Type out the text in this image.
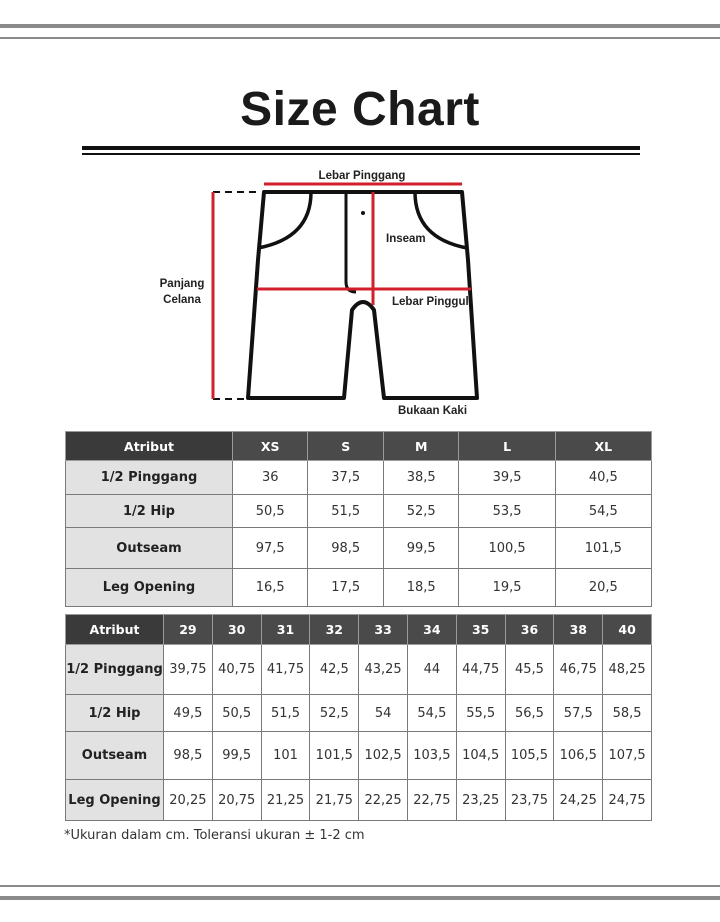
Size Chart
Lebar Pinggang
Panjang
Celana
Inseam
Lebar Pinggul
Bukaan Kaki
Atribut	XS	S	M	L	XL
1/2 Pinggang	36	37,5	38,5	39,5	40,5
1/2 Hip	50,5	51,5	52,5	53,5	54,5
Outseam	97,5	98,5	99,5	100,5	101,5
Leg Opening	16,5	17,5	18,5	19,5	20,5
Atribut	29	30	31	32	33	34	35	36	38	40
1/2 Pinggang	39,75	40,75	41,75	42,5	43,25	44	44,75	45,5	46,75	48,25
1/2 Hip	49,5	50,5	51,5	52,5	54	54,5	55,5	56,5	57,5	58,5
Outseam	98,5	99,5	101	101,5	102,5	103,5	104,5	105,5	106,5	107,5
Leg Opening	20,25	20,75	21,25	21,75	22,25	22,75	23,25	23,75	24,25	24,75
*Ukuran dalam cm. Toleransi ukuran ± 1-2 cm
